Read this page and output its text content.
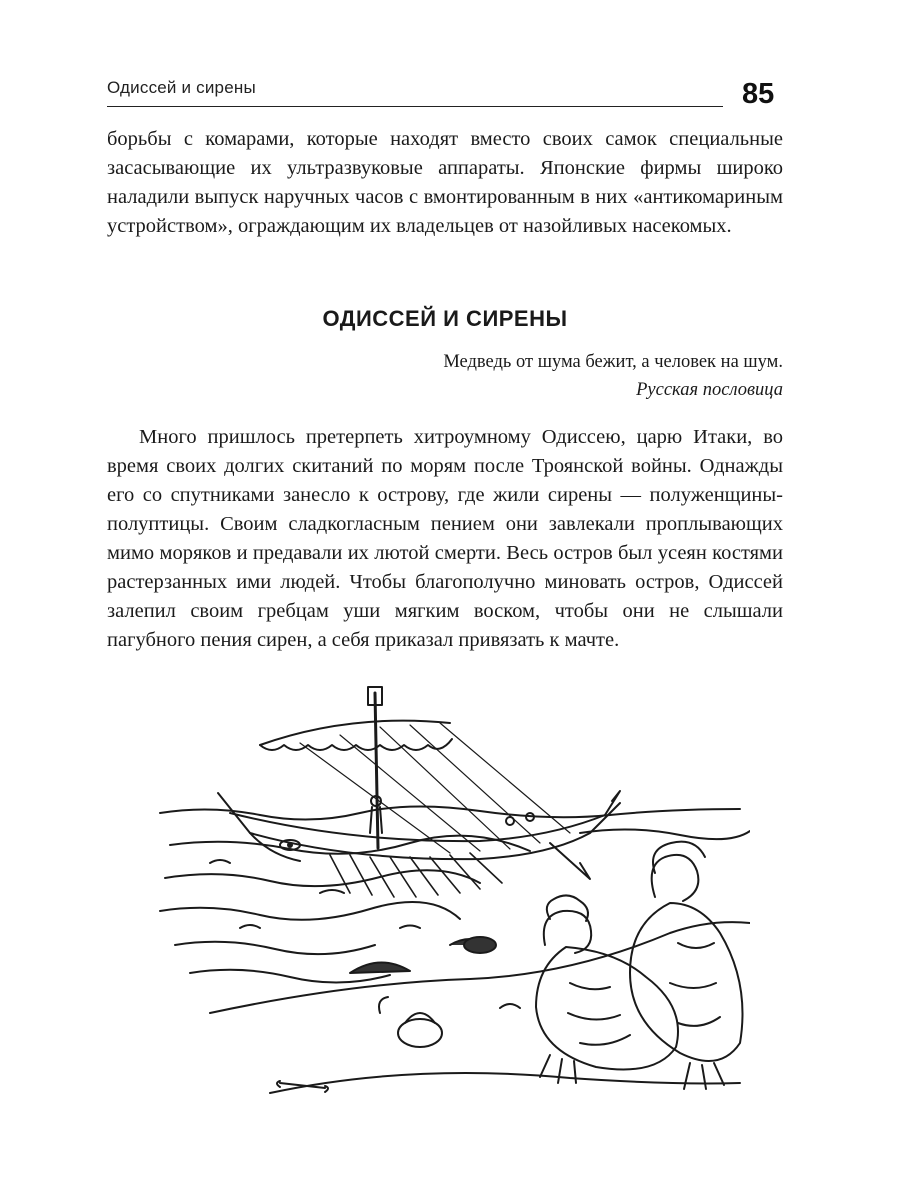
Одиссей и сирены	85

борьбы с комарами, которые находят вместо своих самок специальные засасывающие их ультразвуковые аппараты. Японские фирмы широко наладили выпуск наручных часов с вмонтированным в них «антикомариным устройством», ограждающим их владельцев от назойливых насекомых.

ОДИССЕЙ И СИРЕНЫ
Медведь от шума бежит, а человек на шум.
Русская пословица

Много пришлось претерпеть хитроумному Одиссею, царю Итаки, во время своих долгих скитаний по морям после Троянской войны. Однажды его со спутниками занесло к острову, где жили сирены — полуженщины-полуптицы. Своим сладкогласным пением они завлекали проплывающих мимо моряков и предавали их лютой смерти. Весь остров был усеян костями растерзанных ими людей. Чтобы благополучно миновать остров, Одиссей залепил своим гребцам уши мягким воском, чтобы они не слышали пагубного пения сирен, а себя приказал привязать к мачте.
